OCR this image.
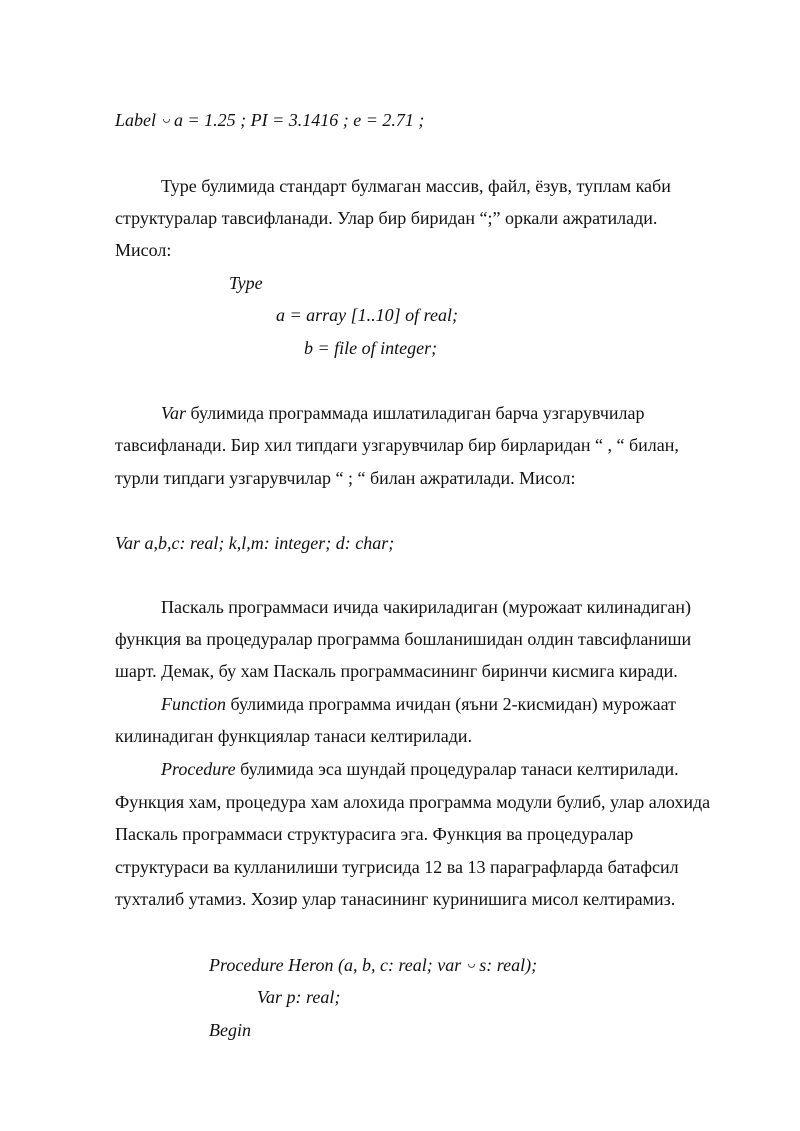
Label a = 1.25 ; PI = 3.1416 ; e = 2.71 ;
Type булимида стандарт булмаган массив, файл, ёзув, туплам каби
структуралар тавсифланади. Улар бир биридан “;” оркали ажратилади.
Мисол:
Type
a = array [1..10] of real;
b = file of integer;
Var булимида программада ишлатиладиган барча узгарувчилар
тавсифланади. Бир хил типдаги узгарувчилар бир бирларидан “ , “ билан,
турли типдаги узгарувчилар “ ; “ билан ажратилади. Мисол:
Var a,b,c: real; k,l,m: integer; d: char;
Паскаль программаси ичида чакириладиган (мурожаат килинадиган)
функция ва процедуралар программа бошланишидан олдин тавсифланиши
шарт. Демак, бу хам Паскаль программасининг биринчи кисмига киради.
Function булимида программа ичидан (яъни 2-кисмидан) мурожаат
килинадиган функциялар танаси келтирилади.
Procedure булимида эса шундай процедуралар танаси келтирилади.
Функция хам, процедура хам алохида программа модули булиб, улар алохида
Паскаль программаси структурасига эга. Функция ва процедуралар
структураси ва кулланилиши тугрисида 12 ва 13 параграфларда батафсил
тухталиб утамиз. Хозир улар танасининг куринишига мисол келтирамиз.
Procedure Heron (a, b, c: real; var s: real);
Var p: real;
Begin
